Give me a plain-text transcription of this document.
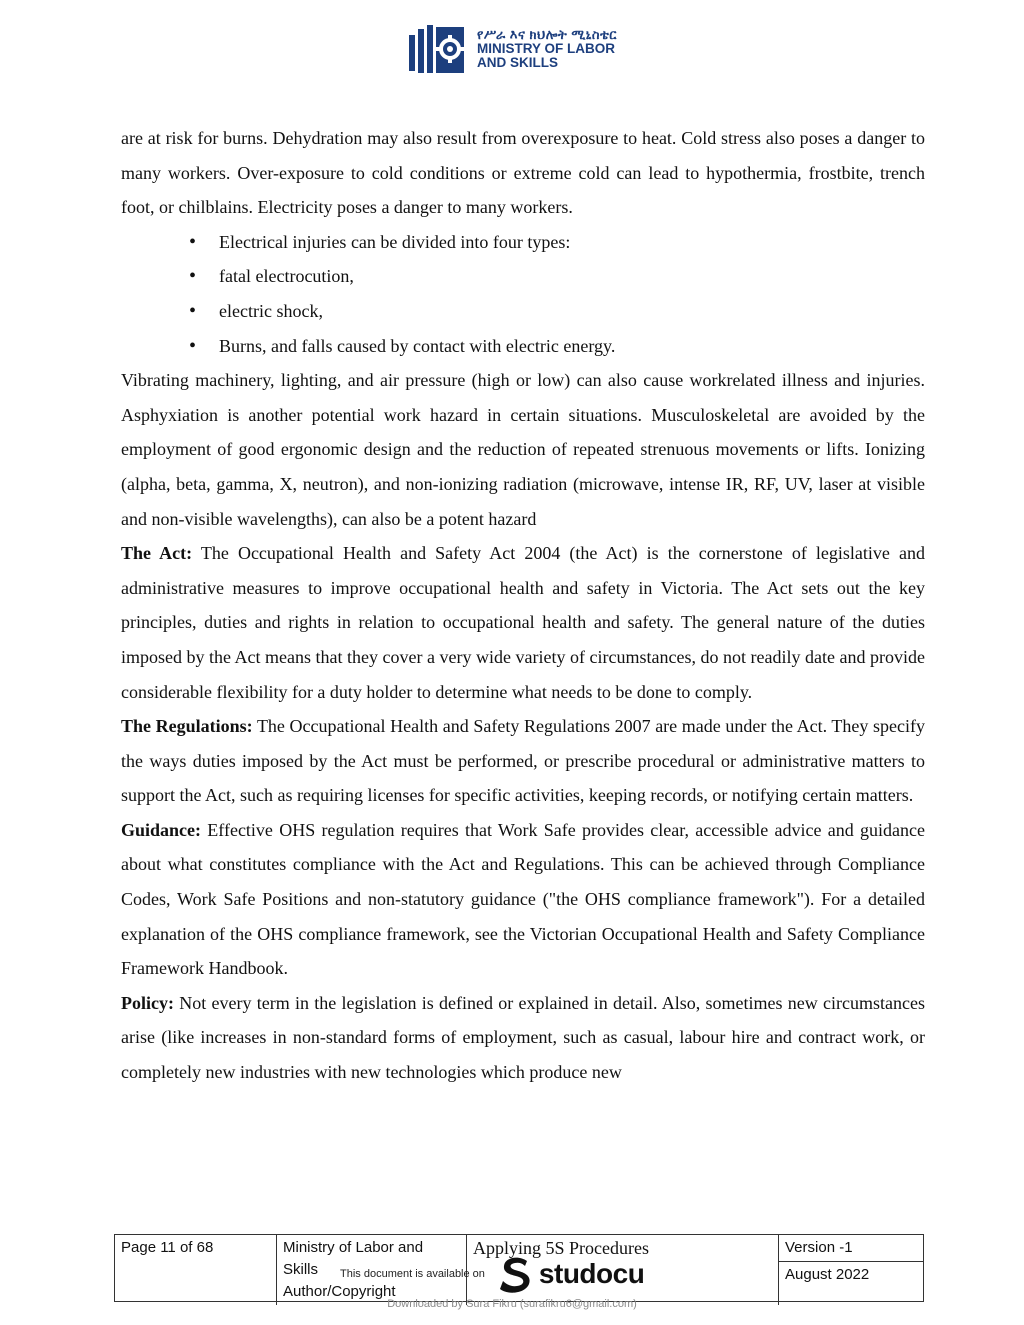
የሥራ እና ክህሎት ሚኒስቴር
MINISTRY OF LABOR
AND SKILLS

are at risk for burns. Dehydration may also result from overexposure to heat. Cold stress also poses a danger to many workers. Over-exposure to cold conditions or extreme cold can lead to hypothermia, frostbite, trench foot, or chilblains. Electricity poses a danger to many workers.

• Electrical injuries can be divided into four types:
• fatal electrocution,
• electric shock,
• Burns, and falls caused by contact with electric energy.

Vibrating machinery, lighting, and air pressure (high or low) can also cause workrelated illness and injuries. Asphyxiation is another potential work hazard in certain situations. Musculoskeletal are avoided by the employment of good ergonomic design and the reduction of repeated strenuous movements or lifts. Ionizing (alpha, beta, gamma, X, neutron), and non-ionizing radiation (microwave, intense IR, RF, UV, laser at visible and non-visible wavelengths), can also be a potent hazard

The Act: The Occupational Health and Safety Act 2004 (the Act) is the cornerstone of legislative and administrative measures to improve occupational health and safety in Victoria. The Act sets out the key principles, duties and rights in relation to occupational health and safety. The general nature of the duties imposed by the Act means that they cover a very wide variety of circumstances, do not readily date and provide considerable flexibility for a duty holder to determine what needs to be done to comply.

The Regulations: The Occupational Health and Safety Regulations 2007 are made under the Act. They specify the ways duties imposed by the Act must be performed, or prescribe procedural or administrative matters to support the Act, such as requiring licenses for specific activities, keeping records, or notifying certain matters.

Guidance: Effective OHS regulation requires that Work Safe provides clear, accessible advice and guidance about what constitutes compliance with the Act and Regulations. This can be achieved through Compliance Codes, Work Safe Positions and non-statutory guidance ("the OHS compliance framework"). For a detailed explanation of the OHS compliance framework, see the Victorian Occupational Health and Safety Compliance Framework Handbook.

Policy: Not every term in the legislation is defined or explained in detail. Also, sometimes new circumstances arise (like increases in non-standard forms of employment, such as casual, labour hire and contract work, or completely new industries with new technologies which produce new

Page 11 of 68	Ministry of Labor and
Skills
Author/Copyright
Applying 5S Procedures	Version -1
August 2022
This document is available on studocu
Downloaded by Sura Fikru (surafikru6@gmail.com)
